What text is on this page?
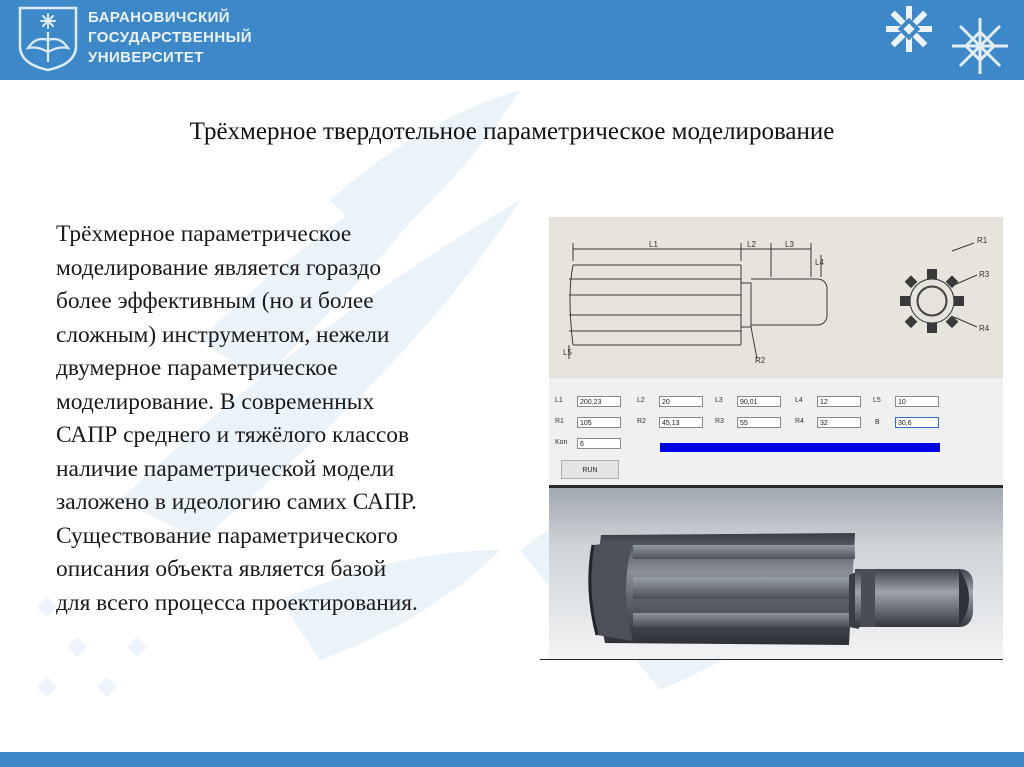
БАРАНОВИЧСКИЙ
ГОСУДАРСТВЕННЫЙ
УНИВЕРСИТЕТ
Трёхмерное твердотельное параметрическое моделирование
Трёхмерное параметрическое
моделирование является гораздо
более эффективным (но и более
сложным) инструментом, нежели
двумерное параметрическое
моделирование. В современных
САПР среднего и тяжёлого классов
наличие параметрической модели
заложено в идеологию самих САПР.
Существование параметрического
описания объекта является базой
для всего процесса проектирования.
L1	L2	L3
L4
L5
R2
R1
R3
R4
L1	200,23	L2	20	L3	90,01	L4	12	L5	10
R1	105	R2	45,13	R3	55	R4	32	B	30,6
Kon	6
RUN
